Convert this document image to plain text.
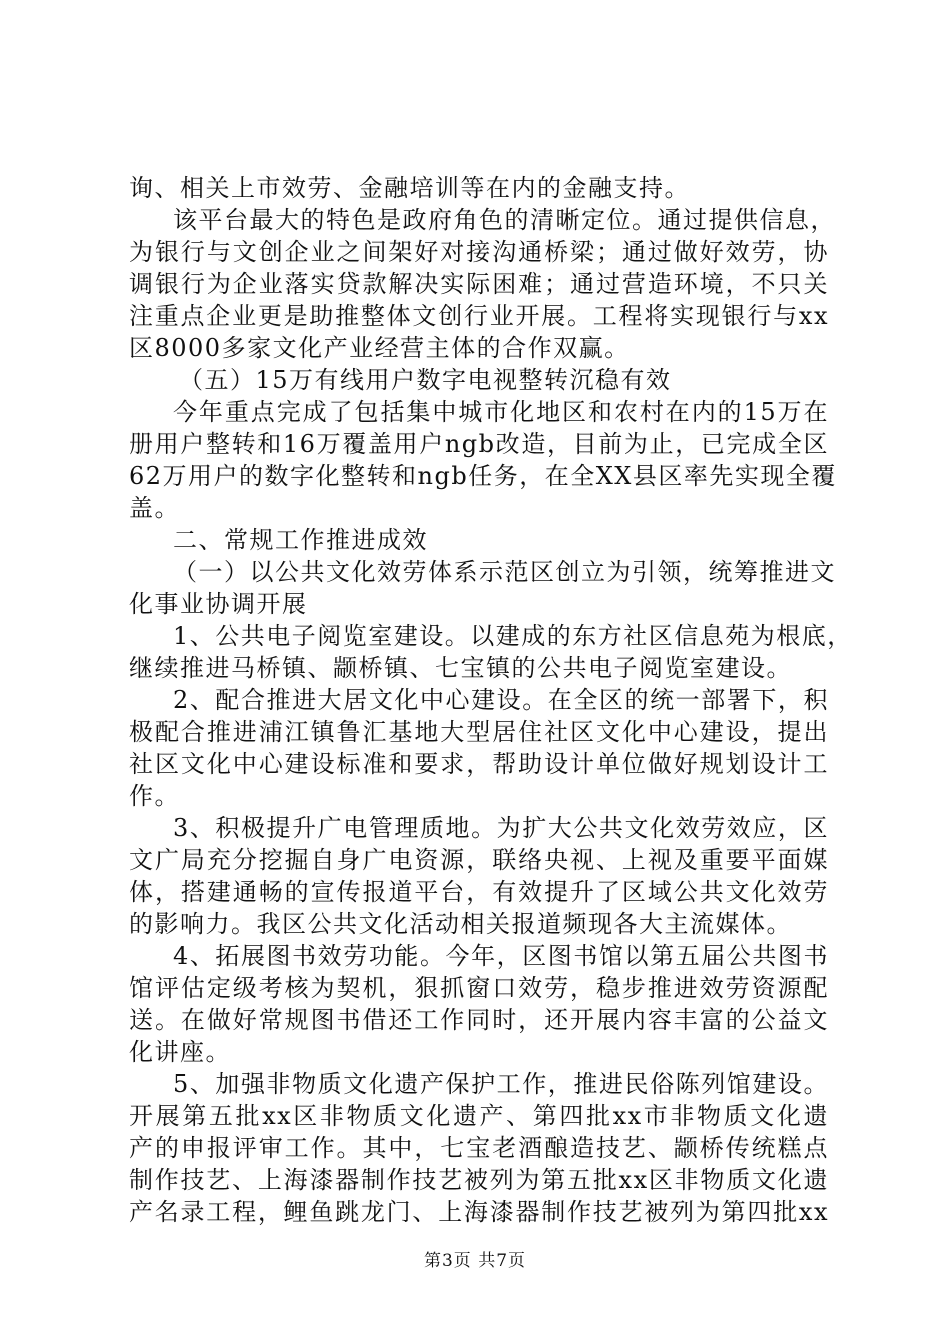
询、相关上市效劳、金融培训等在内的金融支持。
该平台最大的特色是政府角色的清晰定位。通过提供信息，
为银行与文创企业之间架好对接沟通桥梁；通过做好效劳，协
调银行为企业落实贷款解决实际困难；通过营造环境，不只关
注重点企业更是助推整体文创行业开展。工程将实现银行与xx
区8000多家文化产业经营主体的合作双赢。
（五）15万有线用户数字电视整转沉稳有效
今年重点完成了包括集中城市化地区和农村在内的15万在
册用户整转和16万覆盖用户ngb改造，目前为止，已完成全区
62万用户的数字化整转和ngb任务，在全XX县区率先实现全覆
盖。
二、常规工作推进成效
（一）以公共文化效劳体系示范区创立为引领，统筹推进文
化事业协调开展
1、公共电子阅览室建设。以建成的东方社区信息苑为根底，
继续推进马桥镇、颛桥镇、七宝镇的公共电子阅览室建设。
2、配合推进大居文化中心建设。在全区的统一部署下，积
极配合推进浦江镇鲁汇基地大型居住社区文化中心建设，提出
社区文化中心建设标准和要求，帮助设计单位做好规划设计工
作。
3、积极提升广电管理质地。为扩大公共文化效劳效应，区
文广局充分挖掘自身广电资源，联络央视、上视及重要平面媒
体，搭建通畅的宣传报道平台，有效提升了区域公共文化效劳
的影响力。我区公共文化活动相关报道频现各大主流媒体。
4、拓展图书效劳功能。今年，区图书馆以第五届公共图书
馆评估定级考核为契机，狠抓窗口效劳，稳步推进效劳资源配
送。在做好常规图书借还工作同时，还开展内容丰富的公益文
化讲座。
5、加强非物质文化遗产保护工作，推进民俗陈列馆建设。
开展第五批xx区非物质文化遗产、第四批xx市非物质文化遗
产的申报评审工作。其中，七宝老酒酿造技艺、颛桥传统糕点
制作技艺、上海漆器制作技艺被列为第五批xx区非物质文化遗
产名录工程，鲤鱼跳龙门、上海漆器制作技艺被列为第四批xx
第3页 共7页
